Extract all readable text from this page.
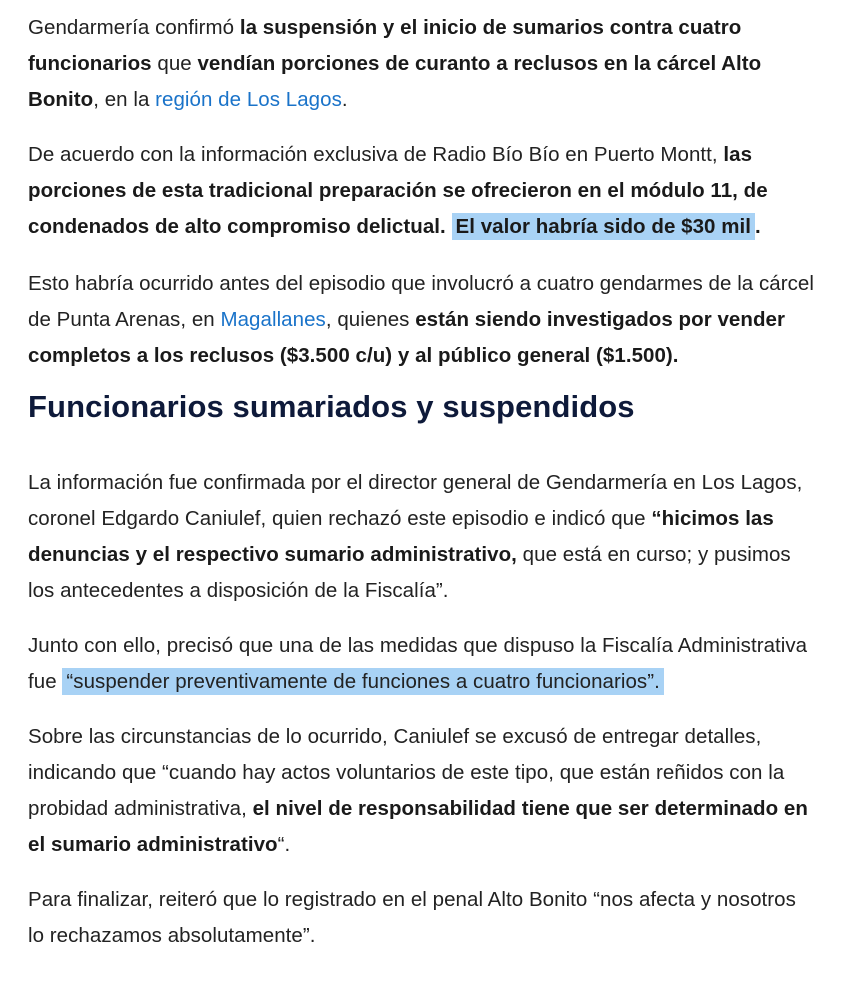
Gendarmería confirmó la suspensión y el inicio de sumarios contra cuatro funcionarios que vendían porciones de curanto a reclusos en la cárcel Alto Bonito, en la región de Los Lagos.

De acuerdo con la información exclusiva de Radio Bío Bío en Puerto Montt, las porciones de esta tradicional preparación se ofrecieron en el módulo 11, de condenados de alto compromiso delictual. El valor habría sido de $30 mil .

Esto habría ocurrido antes del episodio que involucró a cuatro gendarmes de la cárcel de Punta Arenas, en Magallanes, quienes están siendo investigados por vender completos a los reclusos ($3.500 c/u) y al público general ($1.500).

Funcionarios sumariados y suspendidos

La información fue confirmada por el director general de Gendarmería en Los Lagos, coronel Edgardo Caniulef, quien rechazó este episodio e indicó que “hicimos las denuncias y el respectivo sumario administrativo, que está en curso; y pusimos los antecedentes a disposición de la Fiscalía”.

Junto con ello, precisó que una de las medidas que dispuso la Fiscalía Administrativa fue “suspender preventivamente de funciones a cuatro funcionarios”.

Sobre las circunstancias de lo ocurrido, Caniulef se excusó de entregar detalles, indicando que “cuando hay actos voluntarios de este tipo, que están reñidos con la probidad administrativa, el nivel de responsabilidad tiene que ser determinado en el sumario administrativo“.

Para finalizar, reiteró que lo registrado en el penal Alto Bonito “nos afecta y nosotros lo rechazamos absolutamente”.
